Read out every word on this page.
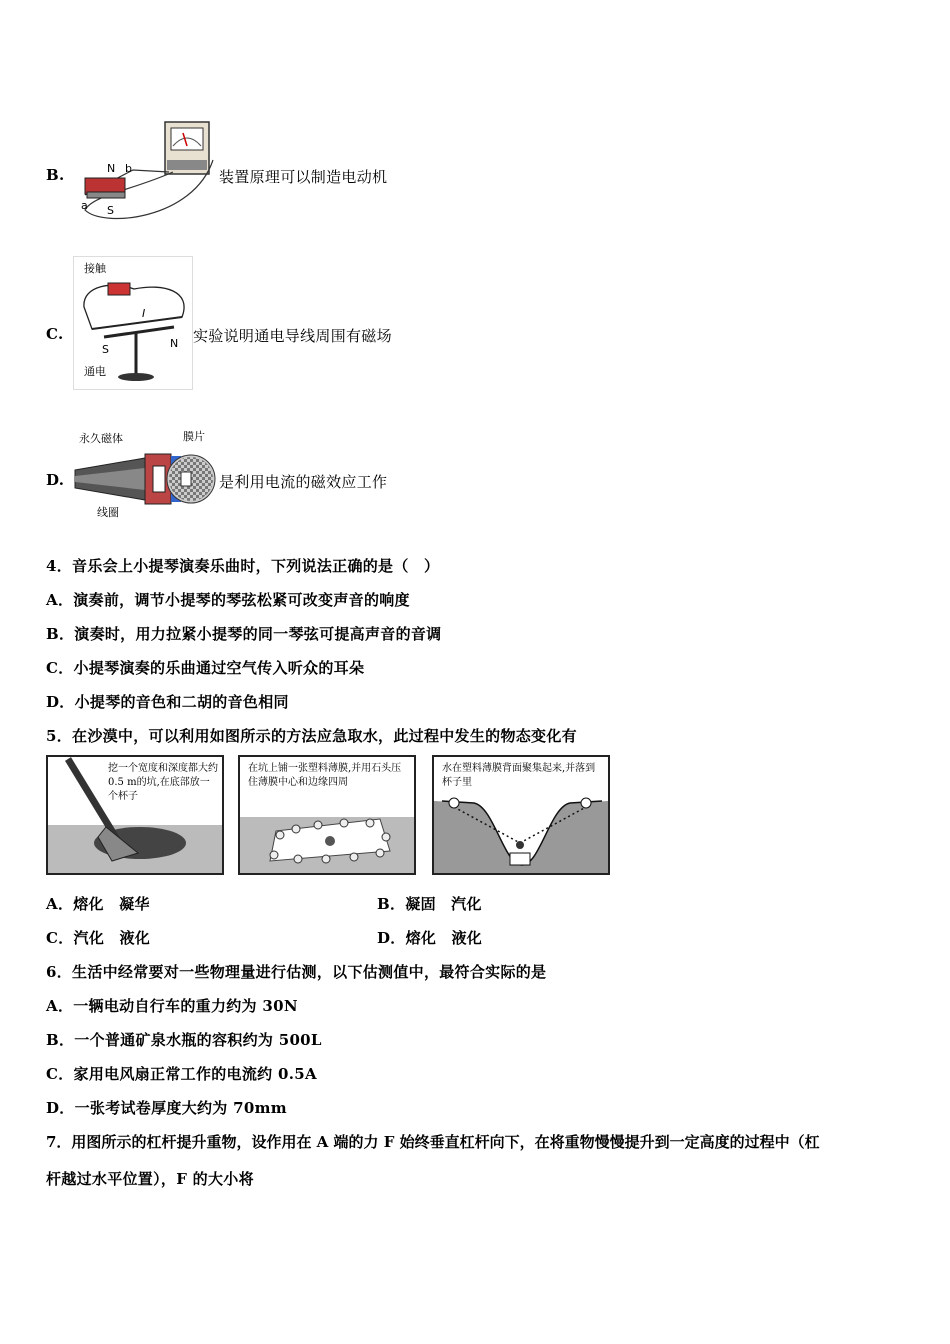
B.	N b
a S
装置原理可以制造电动机
C.
接触
S	N
通电
I
实验说明通电导线周围有磁场
D.
永久磁体	膜片
线圈
是利用电流的磁效应工作
4．音乐会上小提琴演奏乐曲时，下列说法正确的是（　）
A．演奏前，调节小提琴的琴弦松紧可改变声音的响度
B．演奏时，用力拉紧小提琴的同一琴弦可提高声音的音调
C．小提琴演奏的乐曲通过空气传入听众的耳朵
D．小提琴的音色和二胡的音色相同
5．在沙漠中，可以利用如图所示的方法应急取水，此过程中发生的物态变化有
挖一个宽度和深度都大约0.5 m的坑,在底部放一个杯子
在坑上铺一张塑料薄膜,并用石头压住薄膜中心和边缘四周
水在塑料薄膜背面聚集起来,并落到杯子里
A．熔化　凝华	B．凝固　汽化
C．汽化　液化	D．熔化　液化
6．生活中经常要对一些物理量进行估测，以下估测值中，最符合实际的是
A．一辆电动自行车的重力约为 30N
B．一个普通矿泉水瓶的容积约为 500L
C．家用电风扇正常工作的电流约 0.5A
D．一张考试卷厚度大约为 70mm
7．用图所示的杠杆提升重物，设作用在 A 端的力 F 始终垂直杠杆向下，在将重物慢慢提升到一定高度的过程中（杠
杆越过水平位置），F 的大小将
